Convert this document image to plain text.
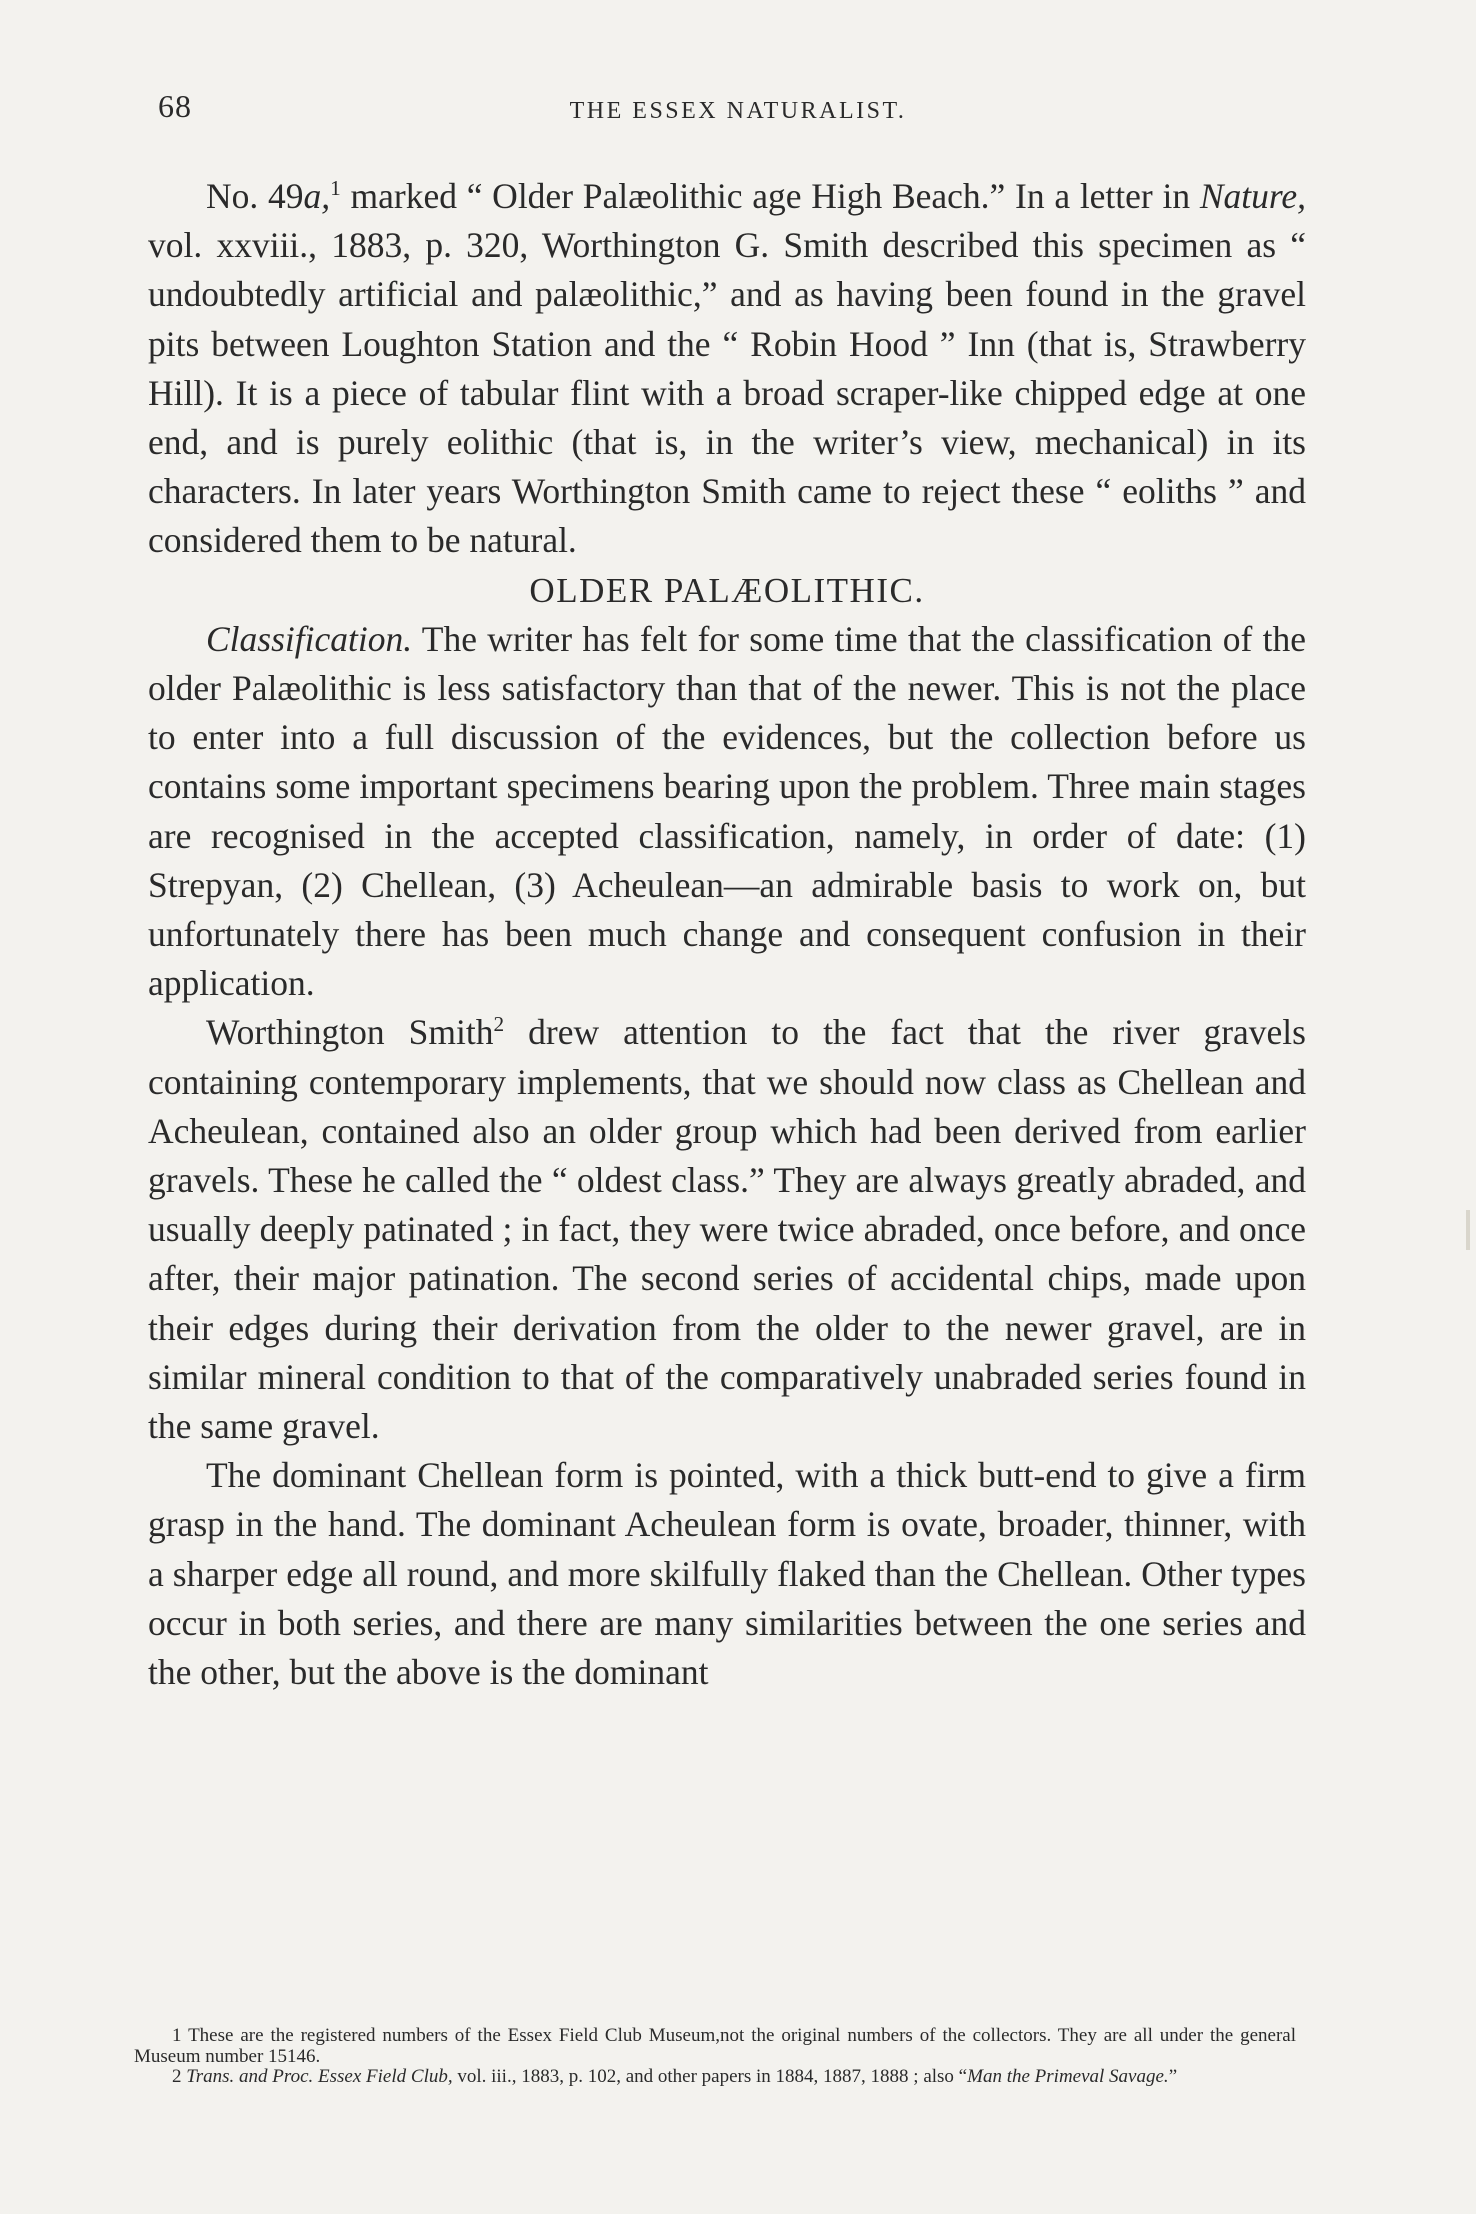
68	THE ESSEX NATURALIST.

No. 49a,$^1$ marked “ Older Palæolithic age High Beach.” In a letter in Nature, vol. xxviii., 1883, p. 320, Worthington G. Smith described this specimen as “ undoubtedly artificial and palæolithic,” and as having been found in the gravel pits between Loughton Station and the “ Robin Hood ” Inn (that is, Strawberry Hill). It is a piece of tabular flint with a broad scraper-like chipped edge at one end, and is purely eolithic (that is, in the writer’s view, mechanical) in its characters. In later years Worthington Smith came to reject these “ eoliths ” and considered them to be natural.

OLDER PALÆOLITHIC.

Classification. The writer has felt for some time that the classification of the older Palæolithic is less satisfactory than that of the newer. This is not the place to enter into a full discussion of the evidences, but the collection before us contains some important specimens bearing upon the problem. Three main stages are recognised in the accepted classification, namely, in order of date: (1) Strepyan, (2) Chellean, (3) Acheulean—an admirable basis to work on, but unfortunately there has been much change and consequent confusion in their application.

Worthington Smith$^2$ drew attention to the fact that the river gravels containing contemporary implements, that we should now class as Chellean and Acheulean, contained also an older group which had been derived from earlier gravels. These he called the “ oldest class.” They are always greatly abraded, and usually deeply patinated ; in fact, they were twice abraded, once before, and once after, their major patination. The second series of accidental chips, made upon their edges during their derivation from the older to the newer gravel, are in similar mineral condition to that of the comparatively unabraded series found in the same gravel.

The dominant Chellean form is pointed, with a thick butt-end to give a firm grasp in the hand. The dominant Acheulean form is ovate, broader, thinner, with a sharper edge all round, and more skilfully flaked than the Chellean. Other types occur in both series, and there are many similarities between the one series and the other, but the above is the dominant

1 These are the registered numbers of the Essex Field Club Museum,not the original numbers of the collectors. They are all under the general Museum number 15146.

2 Trans. and Proc. Essex Field Club, vol. iii., 1883, p. 102, and other papers in 1884, 1887, 1888 ; also “Man the Primeval Savage.”
